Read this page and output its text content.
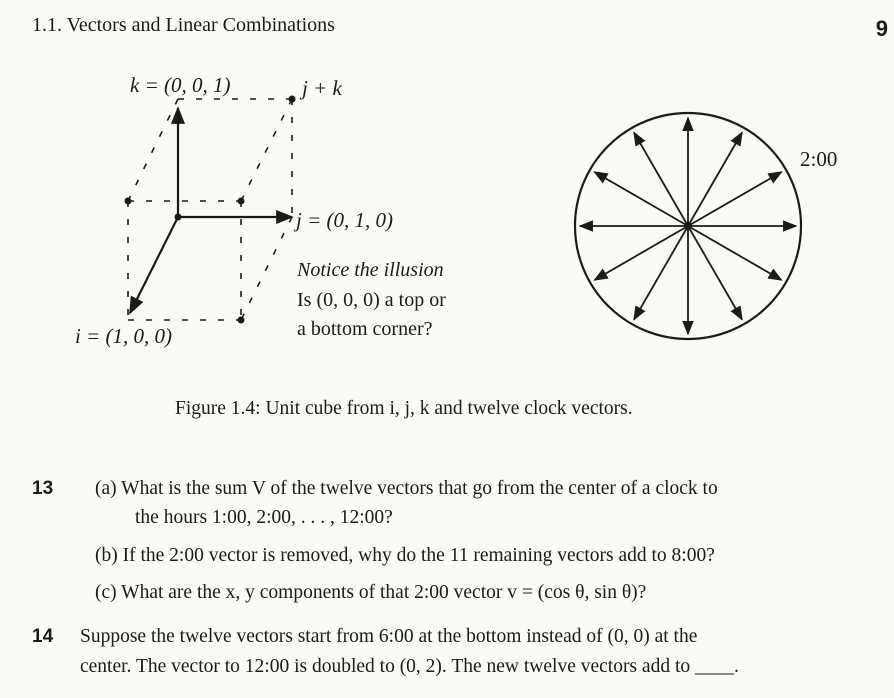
1.1. Vectors and Linear Combinations	9
k = (0, 0, 1)	j + k
j = (0, 1, 0)
i = (1, 0, 0)
Notice the illusion
Is (0, 0, 0) a top or
a bottom corner?
2:00
Figure 1.4: Unit cube from i, j, k and twelve clock vectors.
13 (a) What is the sum V of the twelve vectors that go from the center of a clock to
the hours 1:00, 2:00, . . . , 12:00?
(b) If the 2:00 vector is removed, why do the 11 remaining vectors add to 8:00?
(c) What are the x, y components of that 2:00 vector v = (cos θ, sin θ)?
14 Suppose the twelve vectors start from 6:00 at the bottom instead of (0, 0) at the
center. The vector to 12:00 is doubled to (0, 2). The new twelve vectors add to ____.
